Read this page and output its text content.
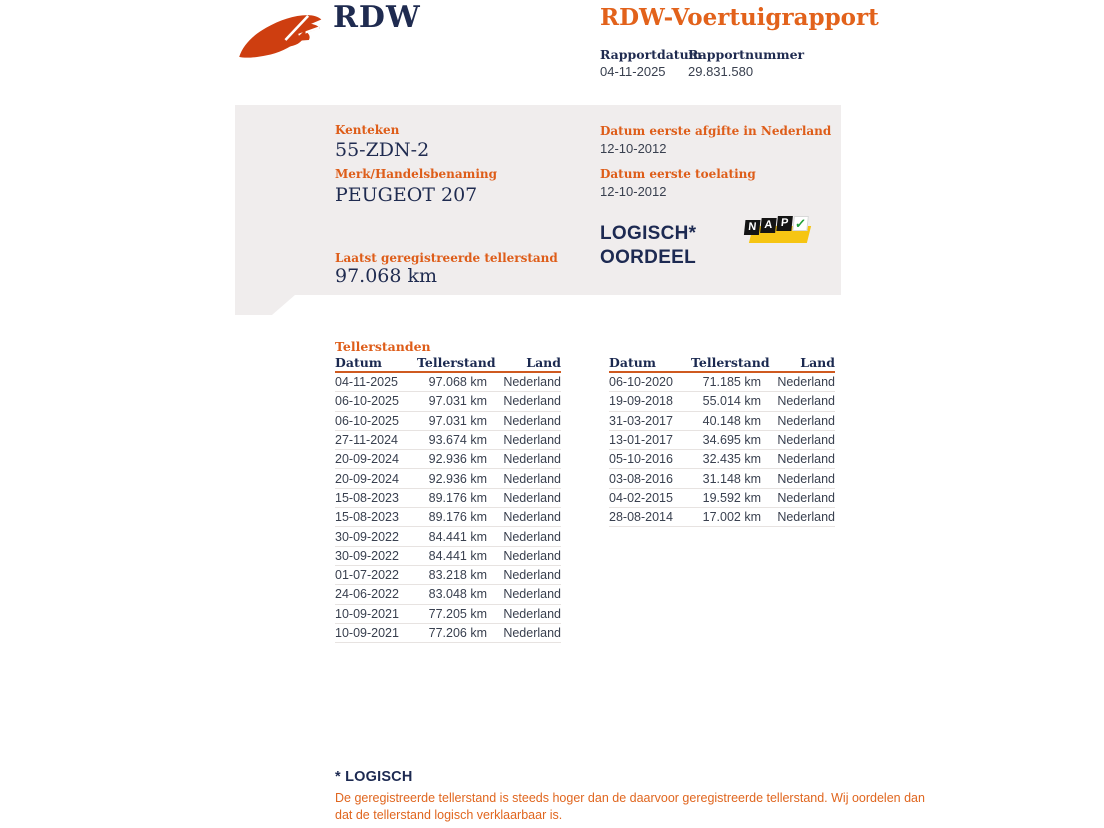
RDW	RDW-Voertuigrapport
Rapportdatum
Rapportnummer
04-11-2025 29.831.580
Kenteken
55-ZDN-2
Merk/Handelsbenaming
PEUGEOT 207
Laatst geregistreerde tellerstand
97.068 km
Datum eerste afgifte in Nederland
12-10-2012
Datum eerste toelating
12-10-2012
LOGISCH*
OORDEEL
N A P ✓
Tellerstanden
Datum	Tellerstand	Land
04-11-2025	97.068 km	Nederland
06-10-2025	97.031 km	Nederland
06-10-2025	97.031 km	Nederland
27-11-2024	93.674 km	Nederland
20-09-2024	92.936 km	Nederland
20-09-2024	92.936 km	Nederland
15-08-2023	89.176 km	Nederland
15-08-2023	89.176 km	Nederland
30-09-2022	84.441 km	Nederland
30-09-2022	84.441 km	Nederland
01-07-2022	83.218 km	Nederland
24-06-2022	83.048 km	Nederland
10-09-2021	77.205 km	Nederland
10-09-2021	77.206 km	Nederland
Datum	Tellerstand	Land
06-10-2020	71.185 km	Nederland
19-09-2018	55.014 km	Nederland
31-03-2017	40.148 km	Nederland
13-01-2017	34.695 km	Nederland
05-10-2016	32.435 km	Nederland
03-08-2016	31.148 km	Nederland
04-02-2015	19.592 km	Nederland
28-08-2014	17.002 km	Nederland
* LOGISCH
De geregistreerde tellerstand is steeds hoger dan de daarvoor geregistreerde tellerstand. Wij oordelen dan
dat de tellerstand logisch verklaarbaar is.
